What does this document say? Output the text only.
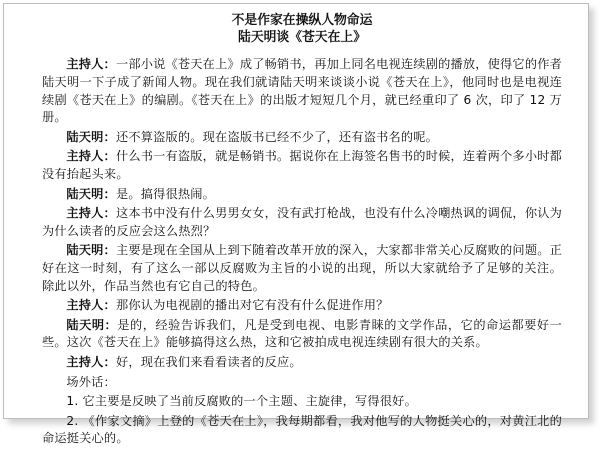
不是作家在操纵人物命运
陆天明谈《苍天在上》
主持人：一部小说《苍天在上》成了畅销书，再加上同名电视连续剧的播放，使得它的作者陆天明一下子成了新闻人物。现在我们就请陆天明来谈谈小说《苍天在上》，他同时也是电视连续剧《苍天在上》的编剧。《苍天在上》的出版才短短几个月，就已经重印了 6 次，印了 12 万册。
陆天明：还不算盗版的。现在盗版书已经不少了，还有盗书名的呢。
主持人：什么书一有盗版，就是畅销书。据说你在上海签名售书的时候，连着两个多小时都没有抬起头来。
陆天明：是。搞得很热闹。
主持人：这本书中没有什么男男女女，没有武打枪战，也没有什么冷嘲热讽的调侃，你认为为什么读者的反应会这么热烈？
陆天明：主要是现在全国从上到下随着改革开放的深入，大家都非常关心反腐败的问题。正好在这一时刻，有了这么一部以反腐败为主旨的小说的出现，所以大家就给予了足够的关注。除此以外，作品当然也有它自己的特色。
主持人：那你认为电视剧的播出对它有没有什么促进作用？
陆天明：是的，经验告诉我们，凡是受到电视、电影青睐的文学作品，它的命运都要好一些。这次《苍天在上》能够搞得这么热，这和它被拍成电视连续剧有很大的关系。
主持人：好，现在我们来看看读者的反应。
场外话：
1. 它主要是反映了当前反腐败的一个主题、主旋律，写得很好。
2. 《作家文摘》上登的《苍天在上》，我每期都看，我对他写的人物挺关心的，对黄江北的命运挺关心的。
